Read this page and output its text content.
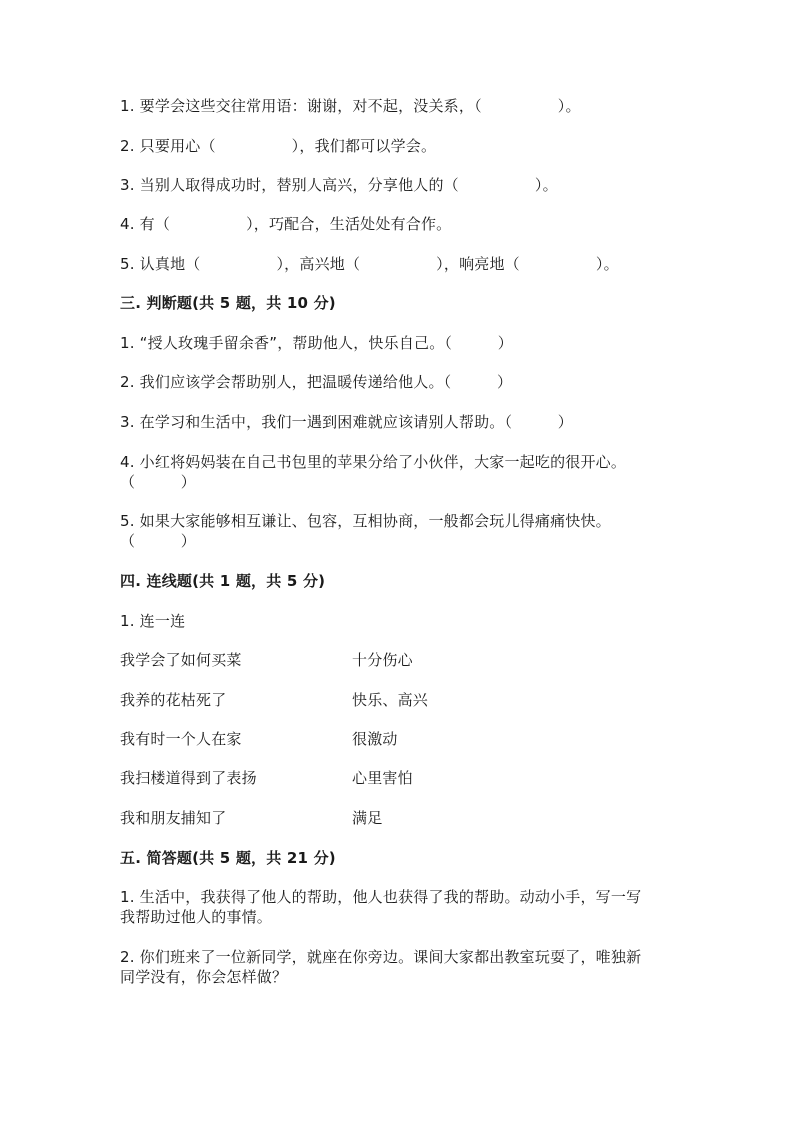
1. 要学会这些交往常用语：谢谢，对不起，没关系，（　　　　　）。
2. 只要用心（　　　　　），我们都可以学会。
3. 当别人取得成功时，替别人高兴，分享他人的（　　　　　）。
4. 有（　　　　　），巧配合，生活处处有合作。
5. 认真地（　　　　　），高兴地（　　　　　），响亮地（　　　　　）。
三. 判断题(共 5 题，共 10 分)
1. “授人玫瑰手留余香”，帮助他人，快乐自己。（　　　）
2. 我们应该学会帮助别人，把温暖传递给他人。（　　　）
3. 在学习和生活中，我们一遇到困难就应该请别人帮助。（　　　）
4. 小红将妈妈装在自己书包里的苹果分给了小伙伴，大家一起吃的很开心。
（　　　）
5. 如果大家能够相互谦让、包容，互相协商，一般都会玩儿得痛痛快快。
（　　　）
四. 连线题(共 1 题，共 5 分)
1. 连一连
我学会了如何买菜	十分伤心
我养的花枯死了	快乐、高兴
我有时一个人在家	很激动
我扫楼道得到了表扬	心里害怕
我和朋友捕知了	满足
五. 简答题(共 5 题，共 21 分)
1. 生活中，我获得了他人的帮助，他人也获得了我的帮助。动动小手，写一写
我帮助过他人的事情。
2. 你们班来了一位新同学，就座在你旁边。课间大家都出教室玩耍了，唯独新
同学没有，你会怎样做？
